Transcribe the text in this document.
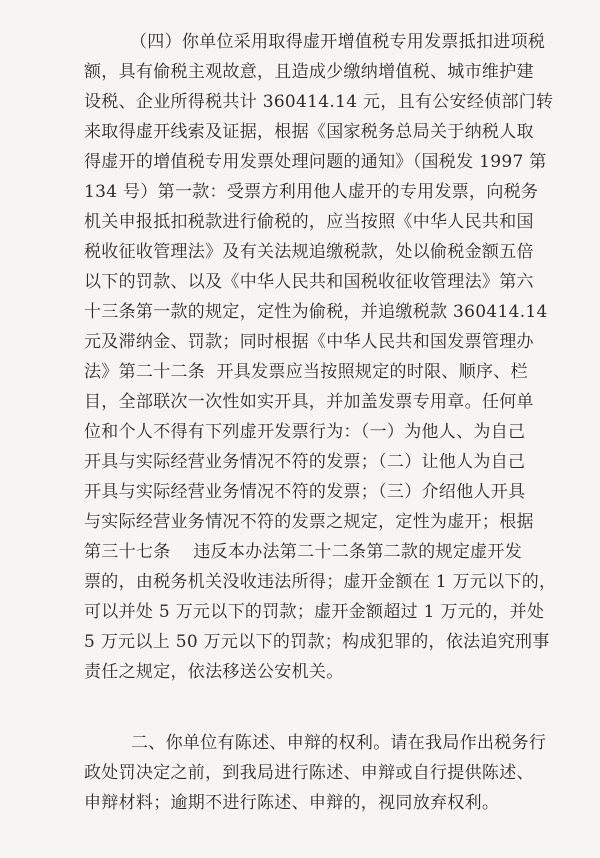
（四）你单位采用取得虚开增值税专用发票抵扣进项税
额，具有偷税主观故意，且造成少缴纳增值税、城市维护建
设税、企业所得税共计 360414.14 元，且有公安经侦部门转
来取得虚开线索及证据，根据《国家税务总局关于纳税人取
得虚开的增值税专用发票处理问题的通知》（国税发 1997 第
134 号）第一款：受票方利用他人虚开的专用发票，向税务
机关申报抵扣税款进行偷税的，应当按照《中华人民共和国
税收征收管理法》及有关法规追缴税款，处以偷税金额五倍
以下的罚款、以及《中华人民共和国税收征收管理法》第六
十三条第一款的规定，定性为偷税，并追缴税款 360414.14
元及滞纳金、罚款；同时根据《中华人民共和国发票管理办
法》第二十二条  开具发票应当按照规定的时限、顺序、栏
目，全部联次一次性如实开具，并加盖发票专用章。任何单
位和个人不得有下列虚开发票行为：（一）为他人、为自己
开具与实际经营业务情况不符的发票；（二）让他人为自己
开具与实际经营业务情况不符的发票；（三）介绍他人开具
与实际经营业务情况不符的发票之规定，定性为虚开；根据
第三十七条    违反本办法第二十二条第二款的规定虚开发
票的，由税务机关没收违法所得；虚开金额在 1 万元以下的，
可以并处 5 万元以下的罚款；虚开金额超过 1 万元的，并处
5 万元以上 50 万元以下的罚款；构成犯罪的，依法追究刑事
责任之规定，依法移送公安机关。
二、你单位有陈述、申辩的权利。请在我局作出税务行
政处罚决定之前，到我局进行陈述、申辩或自行提供陈述、
申辩材料；逾期不进行陈述、申辩的，视同放弃权利。
